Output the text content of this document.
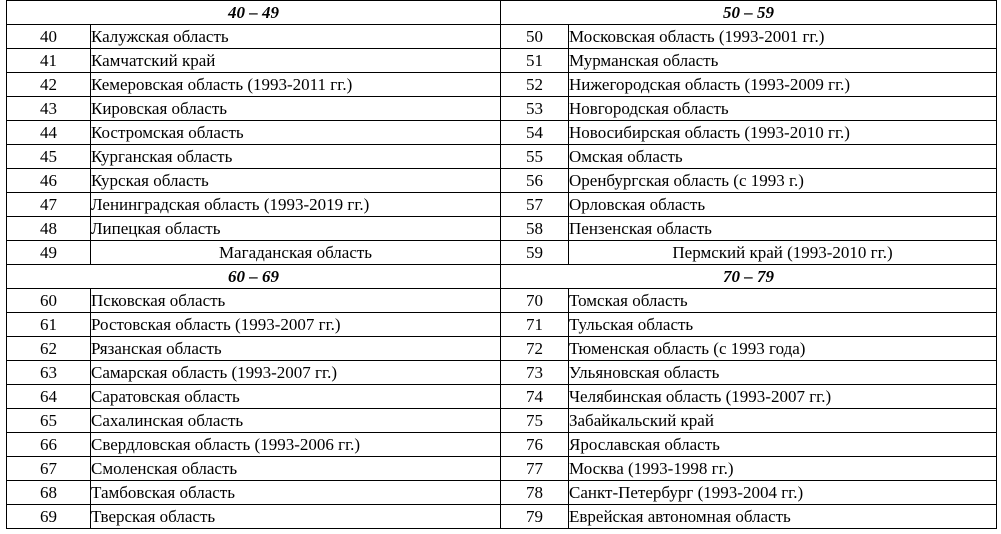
40 – 49		50 – 59	
40	Калужская область	50	Московская область (1993-2001 гг.)
41	Камчатский край	51	Мурманская область
42	Кемеровская область (1993-2011 гг.)	52	Нижегородская область (1993-2009 гг.)
43	Кировская область	53	Новгородская область
44	Костромская область	54	Новосибирская область (1993-2010 гг.)
45	Курганская область	55	Омская область
46	Курская область	56	Оренбургская область (с 1993 г.)
47	Ленинградская область (1993-2019 гг.)	57	Орловская область
48	Липецкая область	58	Пензенская область
49	Магаданская область	59	Пермский край (1993-2010 гг.)
60 – 69		70 – 79	
60	Псковская область	70	Томская область
61	Ростовская область (1993-2007 гг.)	71	Тульская область
62	Рязанская область	72	Тюменская область (с 1993 года)
63	Самарская область (1993-2007 гг.)	73	Ульяновская область
64	Саратовская область	74	Челябинская область (1993-2007 гг.)
65	Сахалинская область	75	Забайкальский край
66	Свердловская область (1993-2006 гг.)	76	Ярославская область
67	Смоленская область	77	Москва (1993-1998 гг.)
68	Тамбовская область	78	Санкт-Петербург (1993-2004 гг.)
69	Тверская область	79	Еврейская автономная область
